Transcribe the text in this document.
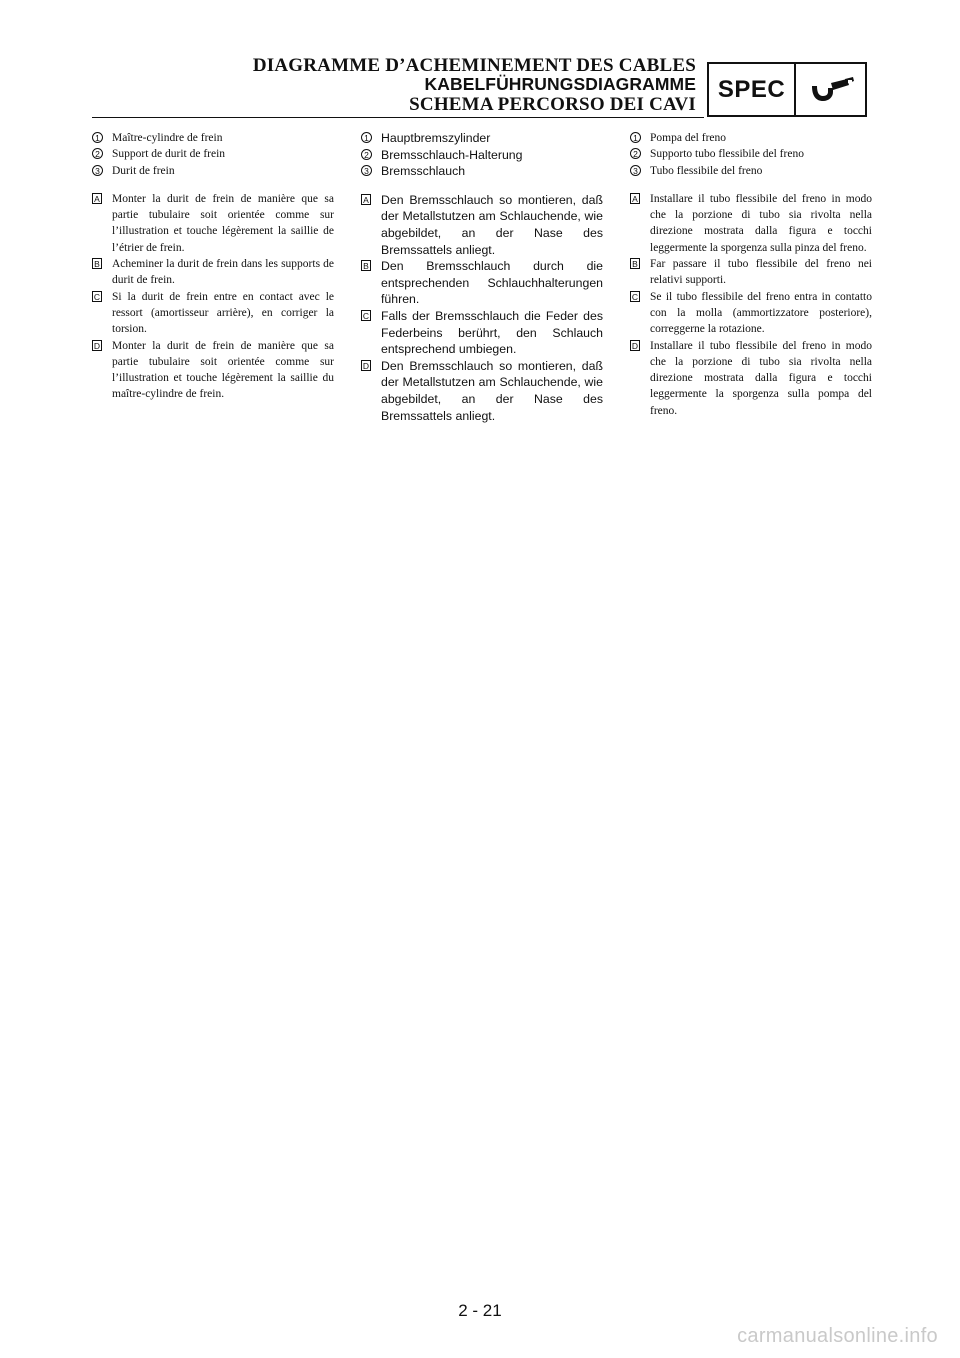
DIAGRAMME D’ACHEMINEMENT DES CABLES
KABELFÜHRUNGSDIAGRAMME
SCHEMA PERCORSO DEI CAVI
SPEC
1 Maître-cylindre de frein
2 Support de durit de frein
3 Durit de frein
A Monter la durit de frein de manière que sa partie tubulaire soit orientée comme sur l’illustration et touche légèrement la saillie de l’étrier de frein.
B Acheminer la durit de frein dans les supports de durit de frein.
C Si la durit de frein entre en contact avec le ressort (amortisseur arrière), en corriger la torsion.
D Monter la durit de frein de manière que sa partie tubulaire soit orientée comme sur l’illustration et touche légèrement la saillie du maître-cylindre de frein.
1 Hauptbremszylinder
2 Bremsschlauch-Halterung
3 Bremsschlauch
A Den Bremsschlauch so montieren, daß der Metallstutzen am Schlauchende, wie abgebildet, an der Nase des Bremssattels anliegt.
B Den Bremsschlauch durch die entsprechenden Schlauchhalterungen führen.
C Falls der Bremsschlauch die Feder des Federbeins berührt, den Schlauch entsprechend umbiegen.
D Den Bremsschlauch so montieren, daß der Metallstutzen am Schlauchende, wie abgebildet, an der Nase des Bremssattels anliegt.
1 Pompa del freno
2 Supporto tubo flessibile del freno
3 Tubo flessibile del freno
A Installare il tubo flessibile del freno in modo che la porzione di tubo sia rivolta nella direzione mostrata dalla figura e tocchi leggermente la sporgenza sulla pinza del freno.
B Far passare il tubo flessibile del freno nei relativi supporti.
C Se il tubo flessibile del freno entra in contatto con la molla (ammortizzatore posteriore), correggerne la rotazione.
D Installare il tubo flessibile del freno in modo che la porzione di tubo sia rivolta nella direzione mostrata dalla figura e tocchi leggermente la sporgenza sulla pompa del freno.
2 - 21
carmanualsonline.info
